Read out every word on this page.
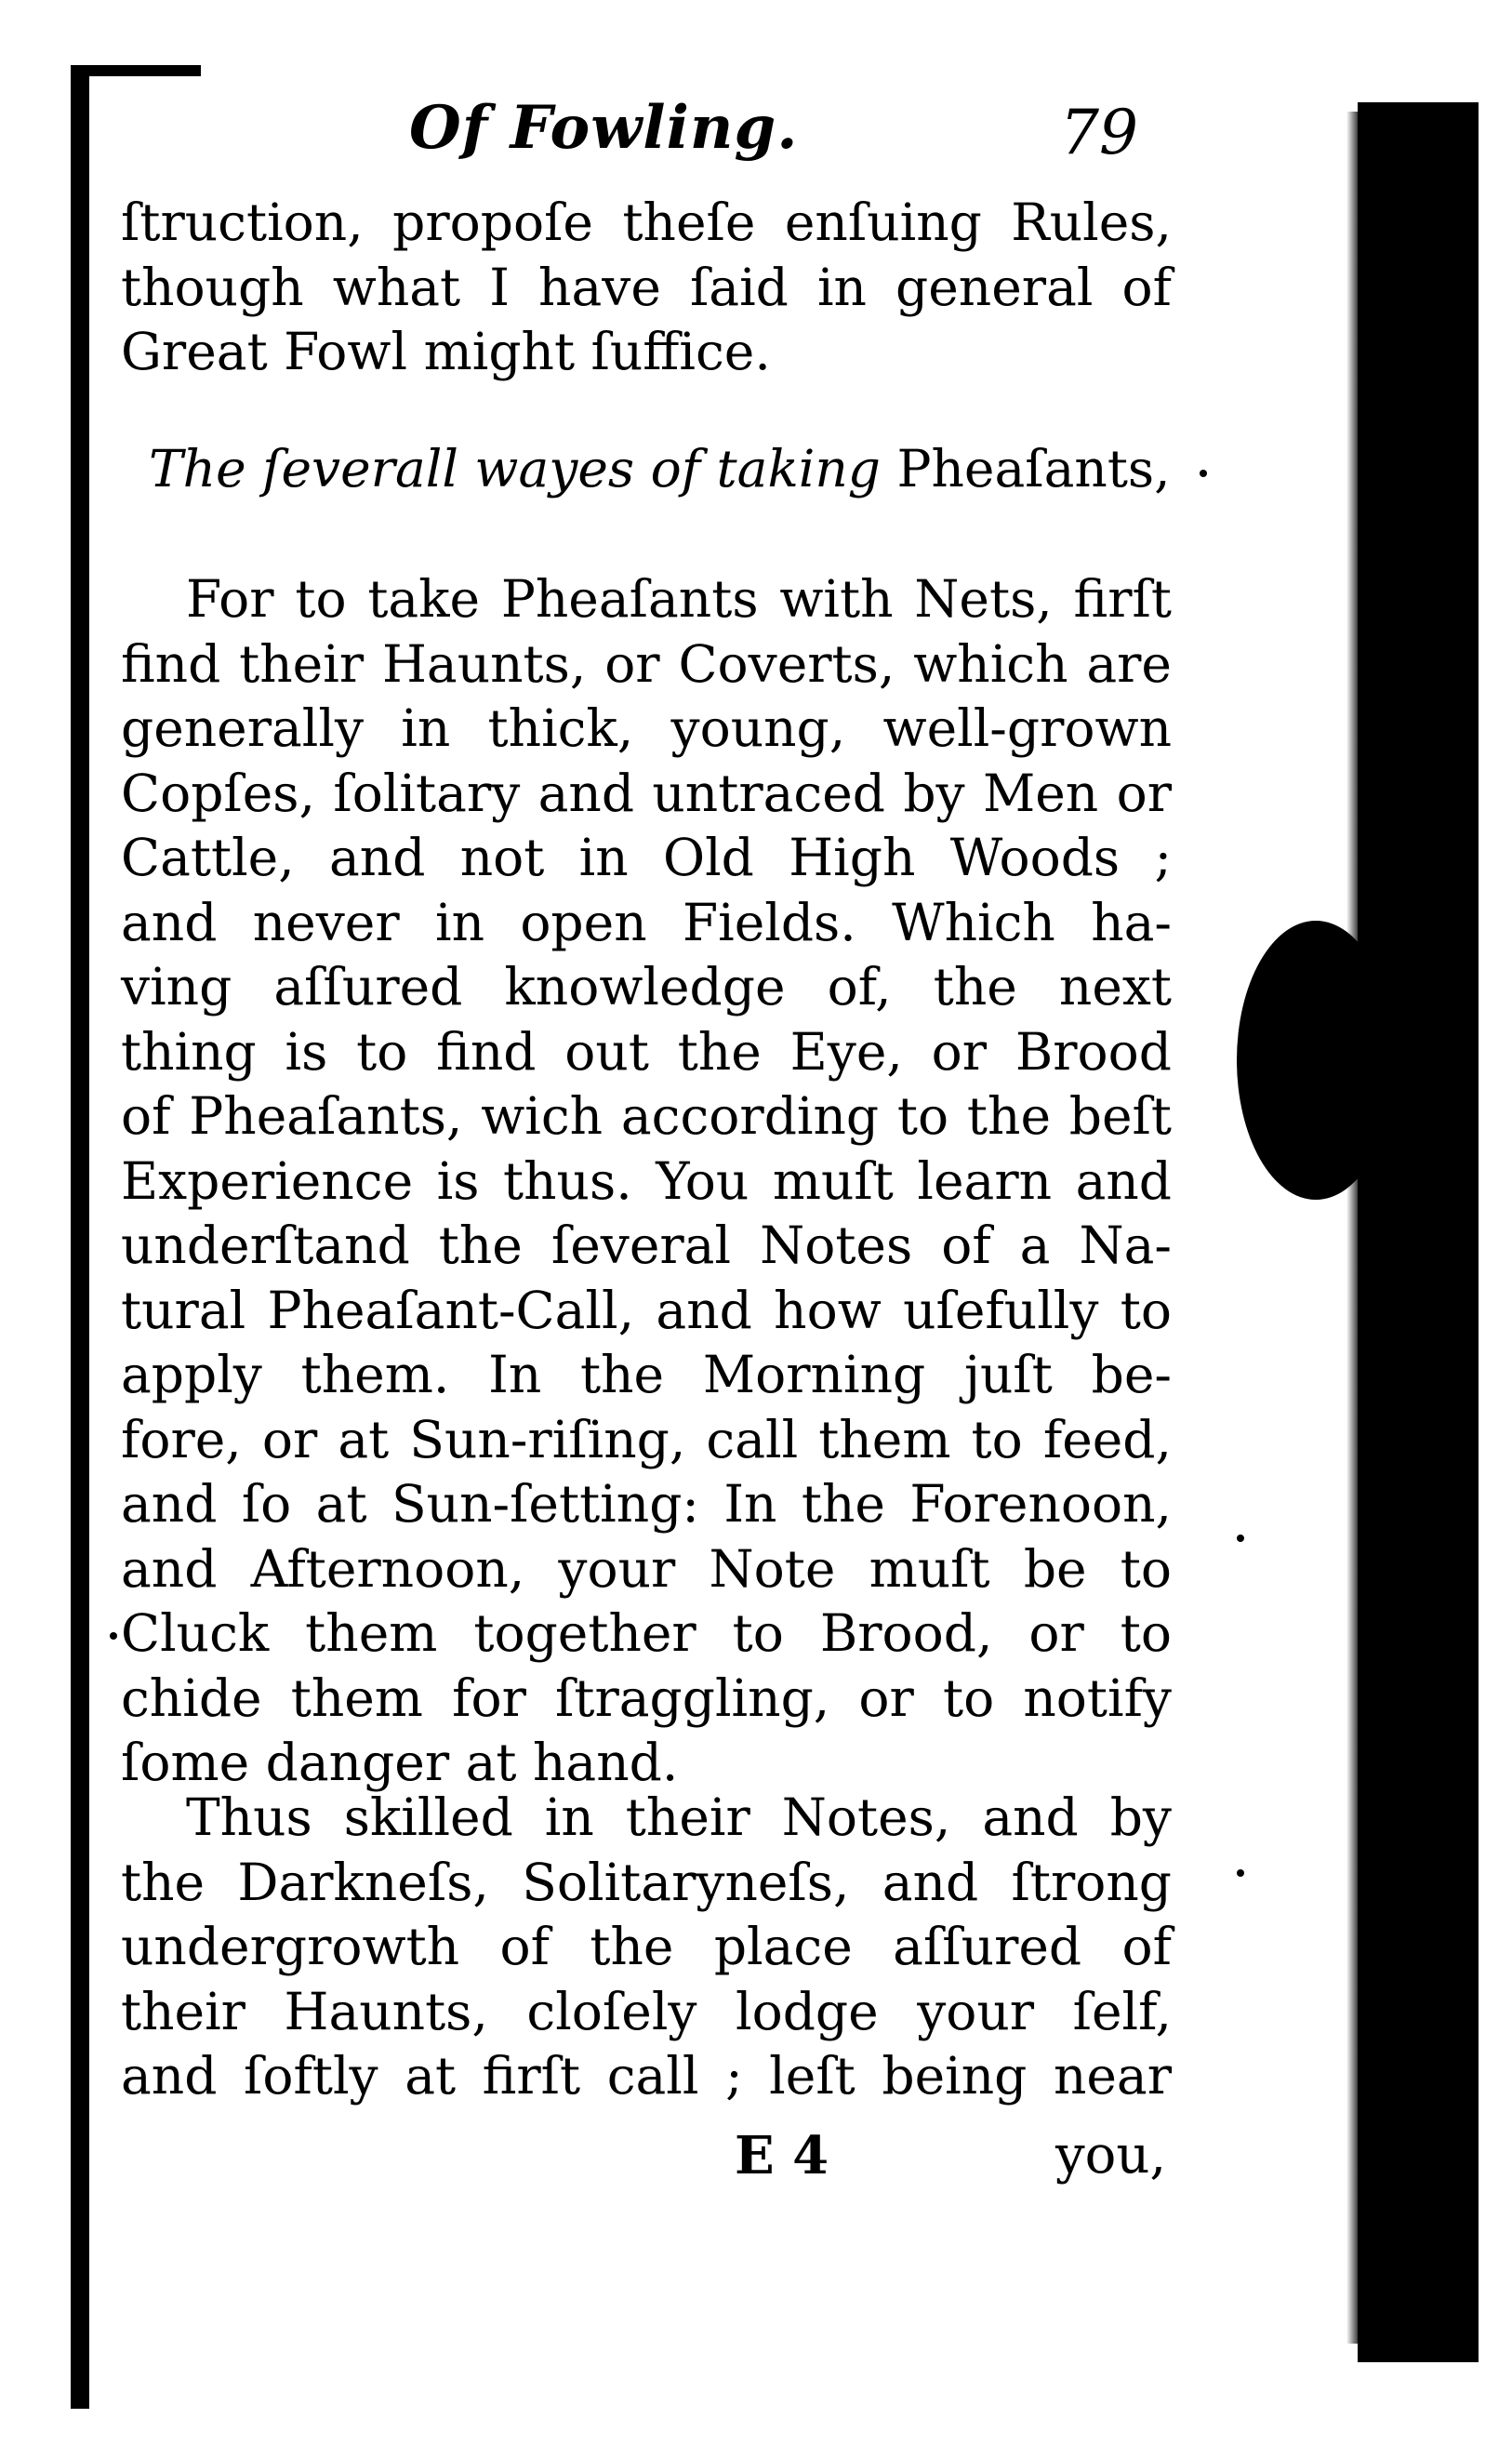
Of Fowling.	79
ſtruction, propoſe theſe enſuing Rules,
though what I have ſaid in general of
Great Fowl might ſuffice.
The ſeverall wayes of taking Pheaſants,
For to take Pheaſants with Nets, firſt
find their Haunts, or Coverts, which are
generally in thick, young, well-grown
Copſes, ſolitary and untraced by Men or
Cattle, and not in Old High Woods ;
and never in open Fields. Which ha-
ving aſſured knowledge of, the next
thing is to find out the Eye, or Brood
of Pheaſants, wich according to the beſt
Experience is thus. You muſt learn and
underſtand the ſeveral Notes of a Na-
tural Pheaſant-Call, and how uſefully to
apply them. In the Morning juſt be-
fore, or at Sun-riſing, call them to feed,
and ſo at Sun-ſetting: In the Forenoon,
and Afternoon, your Note muſt be to
Cluck them together to Brood, or to
chide them for ſtraggling, or to notify
ſome danger at hand.
Thus skilled in their Notes, and by
the Darkneſs, Solitaryneſs, and ſtrong
undergrowth of the place aſſured of
their Haunts, cloſely lodge your ſelf,
and ſoftly at firſt call ; leſt being near
E 4	you,
